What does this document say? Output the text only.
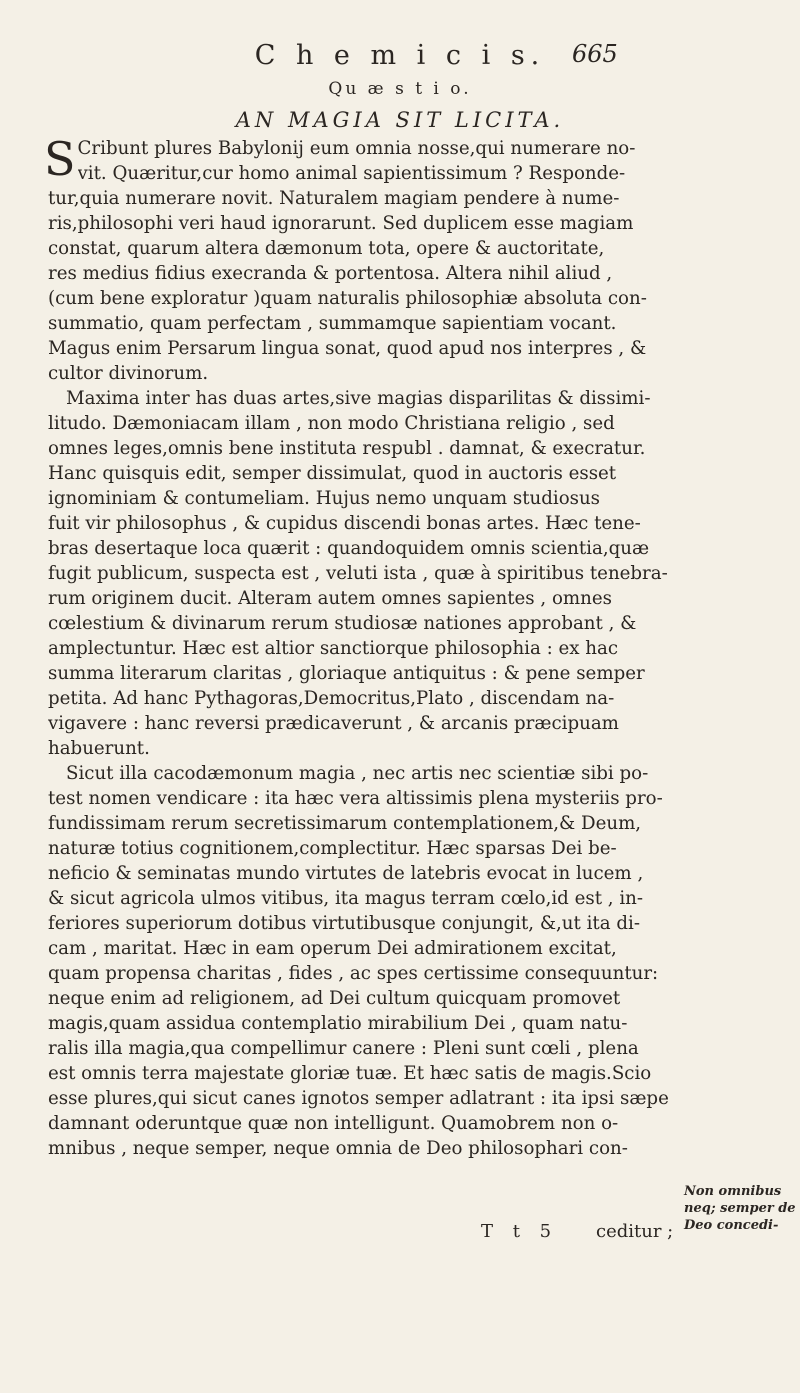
C h e m i c i s.	665
Qu æ s t i o.
AN MAGIA SIT LICITA.
S Cribunt plures Babylonij eum omnia nosse,qui numerare no-
vit. Quæritur,cur homo animal sapientissimum ? Responde-
tur,quia numerare novit. Naturalem magiam pendere à nume-
ris,philosophi veri haud ignorarunt. Sed duplicem esse magiam
constat, quarum altera dæmonum tota, opere & auctoritate,
res medius fidius execranda & portentosa. Altera nihil aliud ,
(cum bene exploratur )quam naturalis philosophiæ absoluta con-
summatio, quam perfectam , summamque sapientiam vocant.
Magus enim Persarum lingua sonat, quod apud nos interpres , &
cultor divinorum.
Maxima inter has duas artes,sive magias disparilitas & dissimi-
litudo. Dæmoniacam illam , non modo Christiana religio , sed
omnes leges,omnis bene instituta respubl . damnat, & execratur.
Hanc quisquis edit, semper dissimulat, quod in auctoris esset
ignominiam & contumeliam. Hujus nemo unquam studiosus
fuit vir philosophus , & cupidus discendi bonas artes. Hæc tene-
bras desertaque loca quærit : quandoquidem omnis scientia,quæ
fugit publicum, suspecta est , veluti ista , quæ à spiritibus tenebra-
rum originem ducit. Alteram autem omnes sapientes , omnes
cœlestium & divinarum rerum studiosæ nationes approbant , &
amplectuntur. Hæc est altior sanctiorque philosophia : ex hac
summa literarum claritas , gloriaque antiquitus : & pene semper
petita. Ad hanc Pythagoras,Democritus,Plato , discendam na-
vigavere : hanc reversi prædicaverunt , & arcanis præcipuam
habuerunt.
Sicut illa cacodæmonum magia , nec artis nec scientiæ sibi po-
test nomen vendicare : ita hæc vera altissimis plena mysteriis pro-
fundissimam rerum secretissimarum contemplationem,& Deum,
naturæ totius cognitionem,complectitur. Hæc sparsas Dei be-
neficio & seminatas mundo virtutes de latebris evocat in lucem ,
& sicut agricola ulmos vitibus, ita magus terram cœlo,id est , in-
feriores superiorum dotibus virtutibusque conjungit, &,ut ita di-
cam , maritat. Hæc in eam operum Dei admirationem excitat,
quam propensa charitas , fides , ac spes certissime consequuntur:
neque enim ad religionem, ad Dei cultum quicquam promovet
magis,quam assidua contemplatio mirabilium Dei , quam natu-
ralis illa magia,qua compellimur canere : Pleni sunt cœli , plena
est omnis terra majestate gloriæ tuæ. Et hæc satis de magis.Scio
esse plures,qui sicut canes ignotos semper adlatrant : ita ipsi sæpe
damnant oderuntque quæ non intelligunt. Quamobrem non o-
mnibus , neque semper, neque omnia de Deo philosophari con-
Non omnibus
neq; semper de
Deo concedi-
T t 5 ceditur ;
